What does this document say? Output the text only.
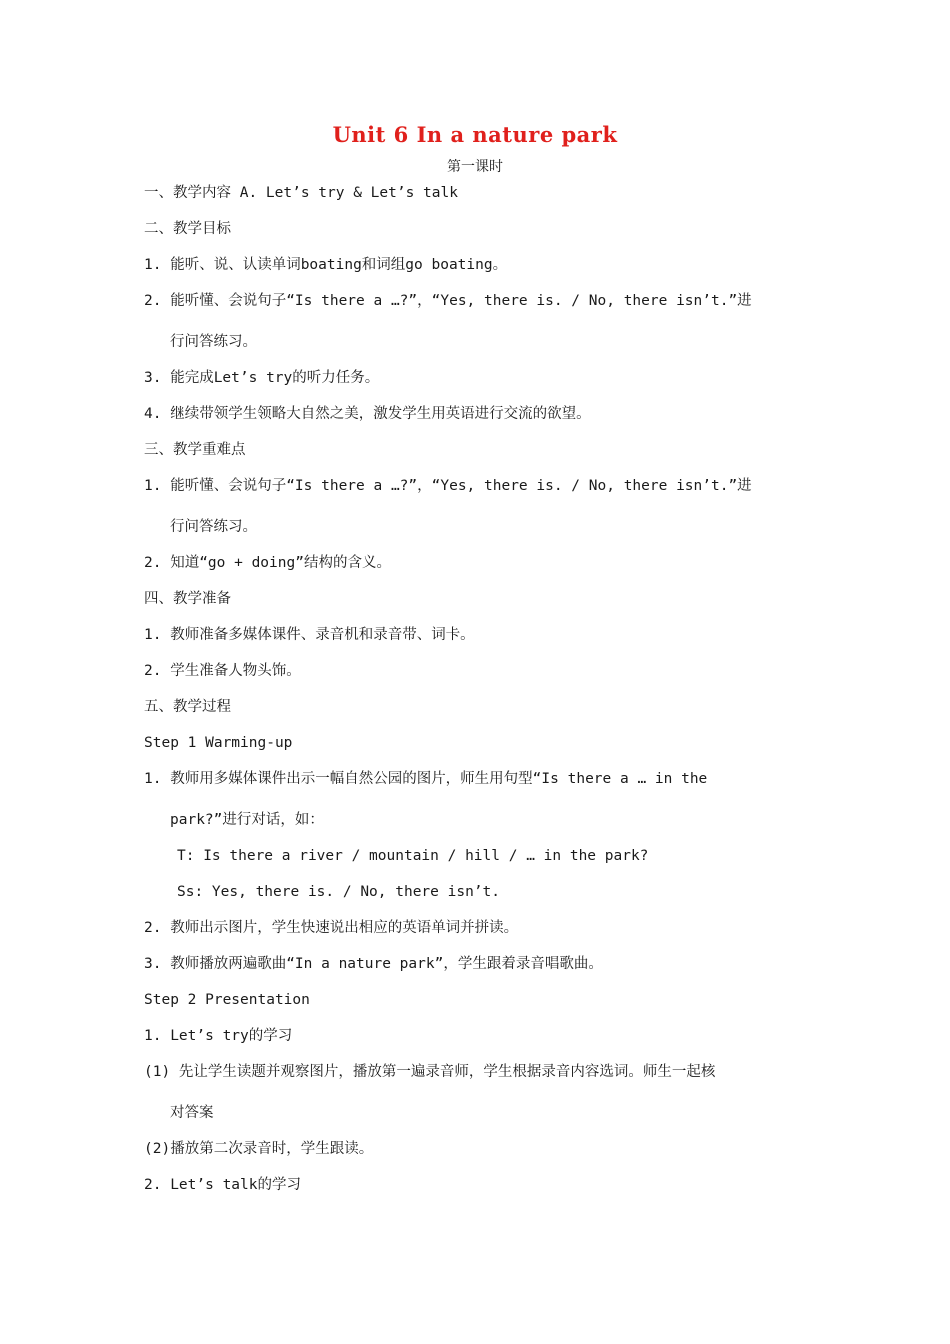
Unit 6 In a nature park
第一课时
一、教学内容 A. Let’s try & Let’s talk
二、教学目标
1. 能听、说、认读单词boating和词组go boating。
2. 能听懂、会说句子“Is there a …?”，“Yes, there is. / No, there isn’t.”进
行问答练习。
3. 能完成Let’s try的听力任务。
4. 继续带领学生领略大自然之美，激发学生用英语进行交流的欲望。
三、教学重难点
1. 能听懂、会说句子“Is there a …?”，“Yes, there is. / No, there isn’t.”进
行问答练习。
2. 知道“go + doing”结构的含义。
四、教学准备
1. 教师准备多媒体课件、录音机和录音带、词卡。
2. 学生准备人物头饰。
五、教学过程
Step 1 Warming-up
1. 教师用多媒体课件出示一幅自然公园的图片，师生用句型“Is there a … in the
park?”进行对话，如：
T: Is there a river / mountain / hill / … in the park?
Ss: Yes, there is. / No, there isn’t.
2. 教师出示图片，学生快速说出相应的英语单词并拼读。
3. 教师播放两遍歌曲“In a nature park”，学生跟着录音唱歌曲。
Step 2 Presentation
1. Let’s try的学习
(1) 先让学生读题并观察图片，播放第一遍录音师，学生根据录音内容选词。师生一起核
对答案
(2)播放第二次录音时，学生跟读。
2. Let’s talk的学习
